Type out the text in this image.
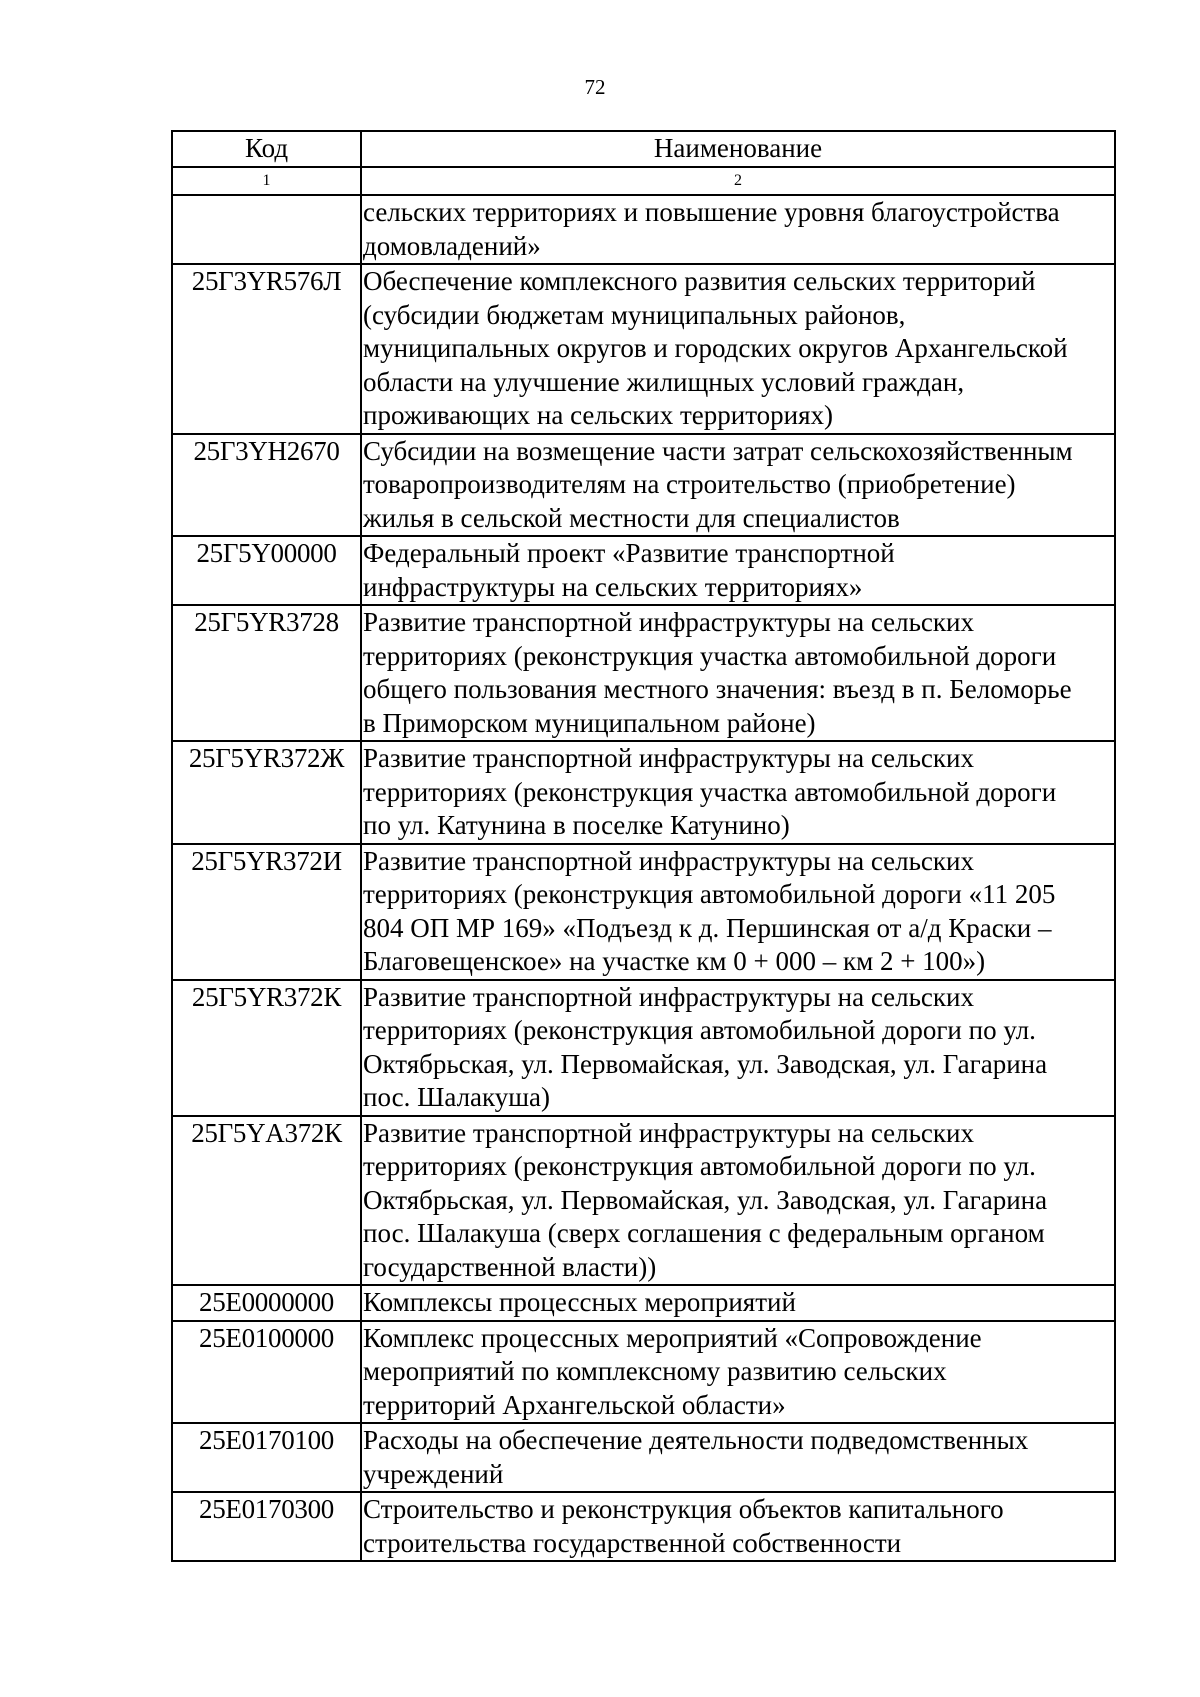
72
Код	Наименование
1	2

	сельских территориях и повышение уровня благоустройства
домовладений»

25Г3YR576Л	Обеспечение комплексного развития сельских территорий
(субсидии бюджетам муниципальных районов,
муниципальных округов и городских округов Архангельской
области на улучшение жилищных условий граждан,
проживающих на сельских территориях)

25Г3YН2670	Субсидии на возмещение части затрат сельскохозяйственным
товаропроизводителям на строительство (приобретение)
жилья в сельской местности для специалистов

25Г5Y00000	Федеральный проект «Развитие транспортной
инфраструктуры на сельских территориях»

25Г5YR3728	Развитие транспортной инфраструктуры на сельских
территориях (реконструкция участка автомобильной дороги
общего пользования местного значения: въезд в п. Беломорье
в Приморском муниципальном районе)

25Г5YR372Ж	Развитие транспортной инфраструктуры на сельских
территориях (реконструкция участка автомобильной дороги
по ул. Катунина в поселке Катунино)

25Г5YR372И	Развитие транспортной инфраструктуры на сельских
территориях (реконструкция автомобильной дороги «11 205
804 ОП МР 169» «Подъезд к д. Першинская от а/д Краски –
Благовещенское» на участке км 0 + 000 – км 2 + 100»)

25Г5YR372К	Развитие транспортной инфраструктуры на сельских
территориях (реконструкция автомобильной дороги по ул.
Октябрьская, ул. Первомайская, ул. Заводская, ул. Гагарина
пос. Шалакуша)

25Г5YА372К	Развитие транспортной инфраструктуры на сельских
территориях (реконструкция автомобильной дороги по ул.
Октябрьская, ул. Первомайская, ул. Заводская, ул. Гагарина
пос. Шалакуша (сверх соглашения с федеральным органом
государственной власти))

25Е0000000	Комплексы процессных мероприятий

25Е0100000	Комплекс процессных мероприятий «Сопровождение
мероприятий по комплексному развитию сельских
территорий Архангельской области»

25Е0170100	Расходы на обеспечение деятельности подведомственных
учреждений

25Е0170300	Строительство и реконструкция объектов капитального
строительства государственной собственности
